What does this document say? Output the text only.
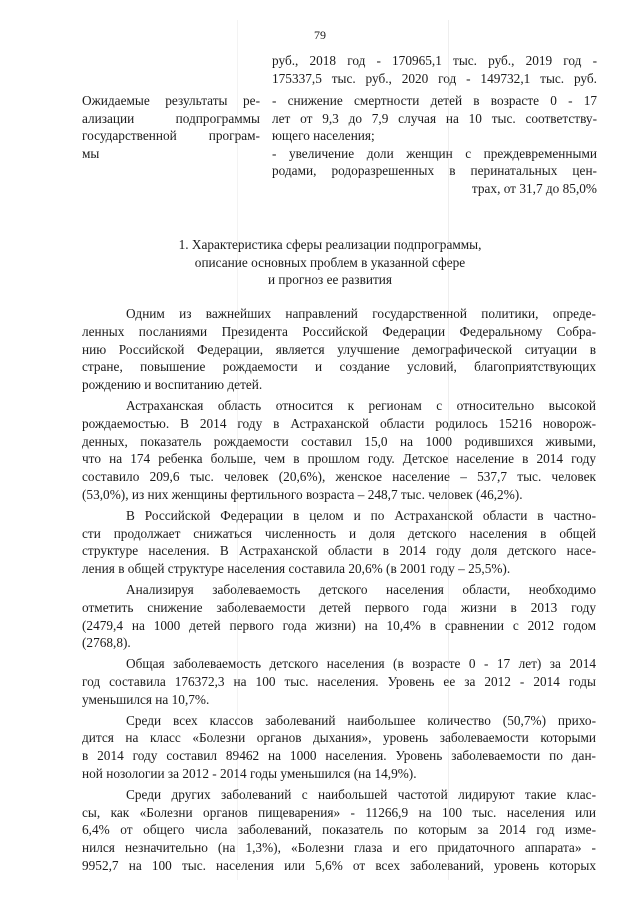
79
руб., 2018 год - 170965,1 тыс. руб., 2019 год -
175337,5 тыс. руб., 2020 год - 149732,1 тыс. руб.
Ожидаемые результаты ре-
ализации подпрограммы
государственной програм-
мы
- снижение смертности детей в возрасте 0 - 17
лет от 9,3 до 7,9 случая на 10 тыс. соответству-
ющего населения;
- увеличение доли женщин с преждевременными
родами, родоразрешенных в перинатальных цен-
трах, от 31,7 до 85,0%
1. Характеристика сферы реализации подпрограммы,
описание основных проблем в указанной сфере
и прогноз ее развития
Одним из важнейших направлений государственной политики, опреде-
ленных посланиями Президента Российской Федерации Федеральному Собра-
нию Российской Федерации, является улучшение демографической ситуации в
стране, повышение рождаемости и создание условий, благоприятствующих
рождению и воспитанию детей.
Астраханская область относится к регионам с относительно высокой
рождаемостью. В 2014 году в Астраханской области родилось 15216 новорож-
денных, показатель рождаемости составил 15,0 на 1000 родившихся живыми,
что на 174 ребенка больше, чем в прошлом году. Детское население в 2014 году
составило 209,6 тыс. человек (20,6%), женское население – 537,7 тыс. человек
(53,0%), из них женщины фертильного возраста – 248,7 тыс. человек (46,2%).
В Российской Федерации в целом и по Астраханской области в частно-
сти продолжает снижаться численность и доля детского населения в общей
структуре населения. В Астраханской области в 2014 году доля детского насе-
ления в общей структуре населения составила 20,6% (в 2001 году – 25,5%).
Анализируя заболеваемость детского населения области, необходимо
отметить снижение заболеваемости детей первого года жизни в 2013 году
(2479,4 на 1000 детей первого года жизни) на 10,4% в сравнении с 2012 годом
(2768,8).
Общая заболеваемость детского населения (в возрасте 0 - 17 лет) за 2014
год составила 176372,3 на 100 тыс. населения. Уровень ее за 2012 - 2014 годы
уменьшился на 10,7%.
Среди всех классов заболеваний наибольшее количество (50,7%) прихо-
дится на класс «Болезни органов дыхания», уровень заболеваемости которыми
в 2014 году составил 89462 на 1000 населения. Уровень заболеваемости по дан-
ной нозологии за 2012 - 2014 годы уменьшился (на 14,9%).
Среди других заболеваний с наибольшей частотой лидируют такие клас-
сы, как «Болезни органов пищеварения» - 11266,9 на 100 тыс. населения или
6,4% от общего числа заболеваний, показатель по которым за 2014 год изме-
нился незначительно (на 1,3%), «Болезни глаза и его придаточного аппарата» -
9952,7 на 100 тыс. населения или 5,6% от всех заболеваний, уровень которых
